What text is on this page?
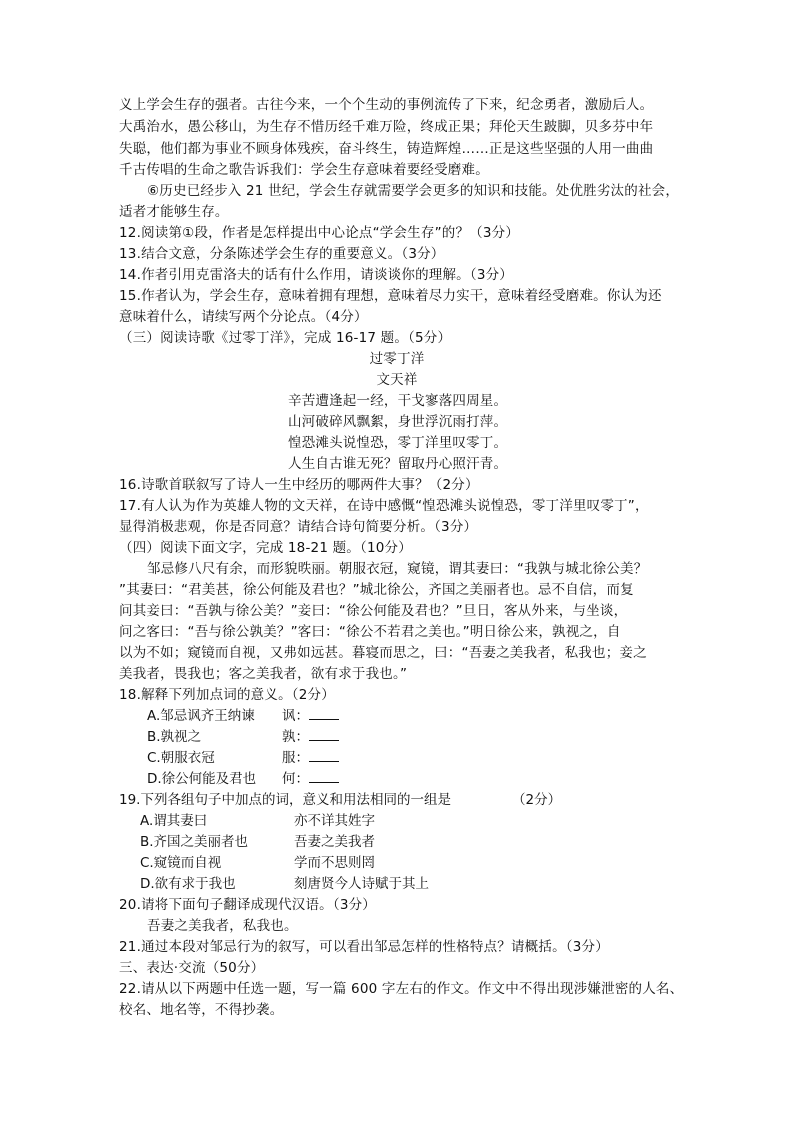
义上学会生存的强者。古往今来，一个个生动的事例流传了下来，纪念勇者，激励后人。
大禹治水，愚公移山，为生存不惜历经千难万险，终成正果；拜伦天生跛脚，贝多芬中年
失聪，他们都为事业不顾身体残疾，奋斗终生，铸造辉煌……正是这些坚强的人用一曲曲
千古传唱的生命之歌告诉我们：学会生存意味着要经受磨难。
⑥历史已经步入 21 世纪，学会生存就需要学会更多的知识和技能。处优胜劣汰的社会，
适者才能够生存。
12.阅读第①段，作者是怎样提出中心论点“学会生存”的？（3分）
13.结合文意，分条陈述学会生存的重要意义。（3分）
14.作者引用克雷洛夫的话有什么作用，请谈谈你的理解。（3分）
15.作者认为，学会生存，意味着拥有理想，意味着尽力实干，意味着经受磨难。你认为还
意味着什么，请续写两个分论点。（4分）
（三）阅读诗歌《过零丁洋》，完成 16-17 题。（5分）
过零丁洋
文天祥
辛苦遭逢起一经，干戈寥落四周星。
山河破碎风飘絮，身世浮沉雨打萍。
惶恐滩头说惶恐，零丁洋里叹零丁。
人生自古谁无死？留取丹心照汗青。
16.诗歌首联叙写了诗人一生中经历的哪两件大事？（2分）
17.有人认为作为英雄人物的文天祥，在诗中感慨“惶恐滩头说惶恐，零丁洋里叹零丁”，
显得消极悲观，你是否同意？请结合诗句简要分析。（3分）
（四）阅读下面文字，完成 18-21 题。（10分）
邹忌修八尺有余，而形貌昳丽。朝服衣冠，窥镜，谓其妻曰：“我孰与城北徐公美？
”其妻曰：“君美甚，徐公何能及君也？”城北徐公，齐国之美丽者也。忌不自信，而复
问其妾曰：“吾孰与徐公美？”妾曰：“徐公何能及君也？”旦日，客从外来，与坐谈，
问之客曰：“吾与徐公孰美？”客曰：“徐公不若君之美也。”明日徐公来，孰视之，自
以为不如；窥镜而自视，又弗如远甚。暮寝而思之，曰：“吾妻之美我者，私我也；妾之
美我者，畏我也；客之美我者，欲有求于我也。”
18.解释下列加点词的意义。（2分）
A.邹忌讽齐王纳谏 讽：
B.孰视之	孰：
C.朝服衣冠	服：
D.徐公何能及君也 何：
19.下列各组句子中加点的词，意义和用法相同的一组是	（2分）
A.谓其妻曰	亦不详其姓字
B.齐国之美丽者也	吾妻之美我者
C.窥镜而自视	学而不思则罔
D.欲有求于我也	刻唐贤今人诗赋于其上
20.请将下面句子翻译成现代汉语。（3分）
吾妻之美我者，私我也。
21.通过本段对邹忌行为的叙写，可以看出邹忌怎样的性格特点？请概括。（3分）
三、表达·交流（50分）
22.请从以下两题中任选一题，写一篇 600 字左右的作文。作文中不得出现涉嫌泄密的人名、
校名、地名等，不得抄袭。
